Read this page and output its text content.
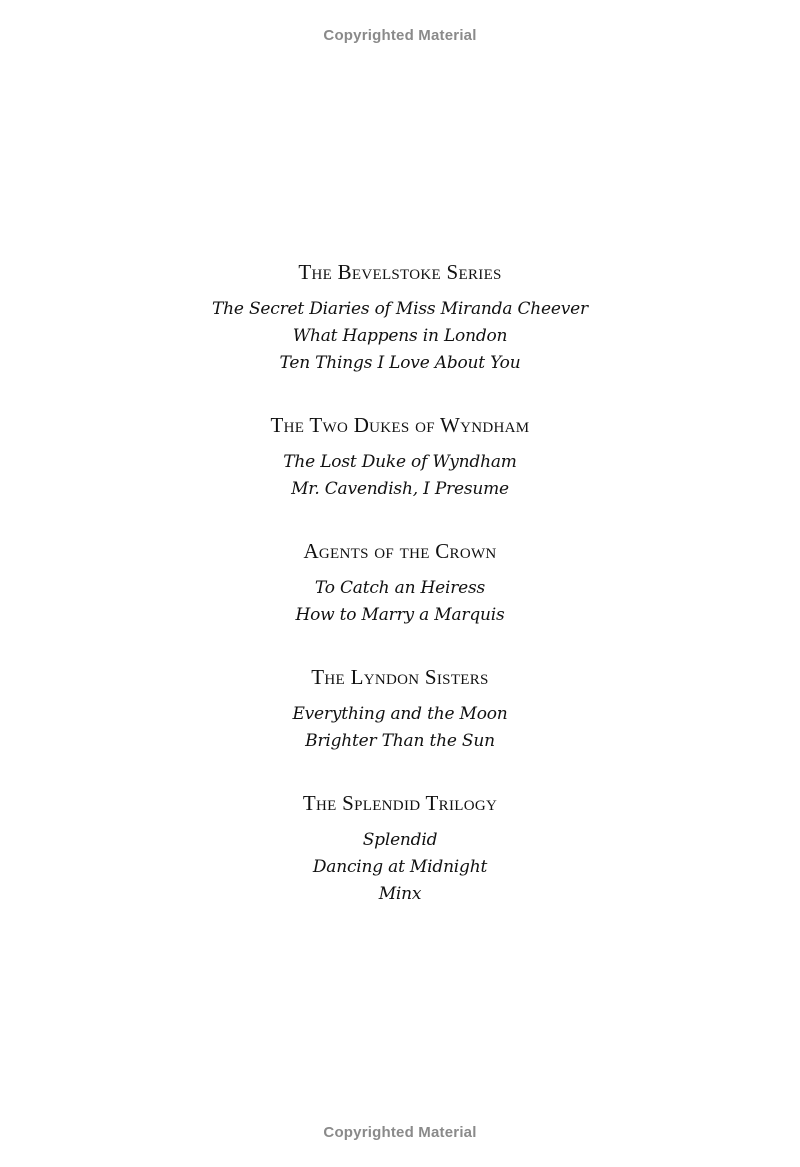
Copyrighted Material
The Bevelstoke Series
The Secret Diaries of Miss Miranda Cheever
What Happens in London
Ten Things I Love About You
The Two Dukes of Wyndham
The Lost Duke of Wyndham
Mr. Cavendish, I Presume
Agents of the Crown
To Catch an Heiress
How to Marry a Marquis
The Lyndon Sisters
Everything and the Moon
Brighter Than the Sun
The Splendid Trilogy
Splendid
Dancing at Midnight
Minx
Copyrighted Material
